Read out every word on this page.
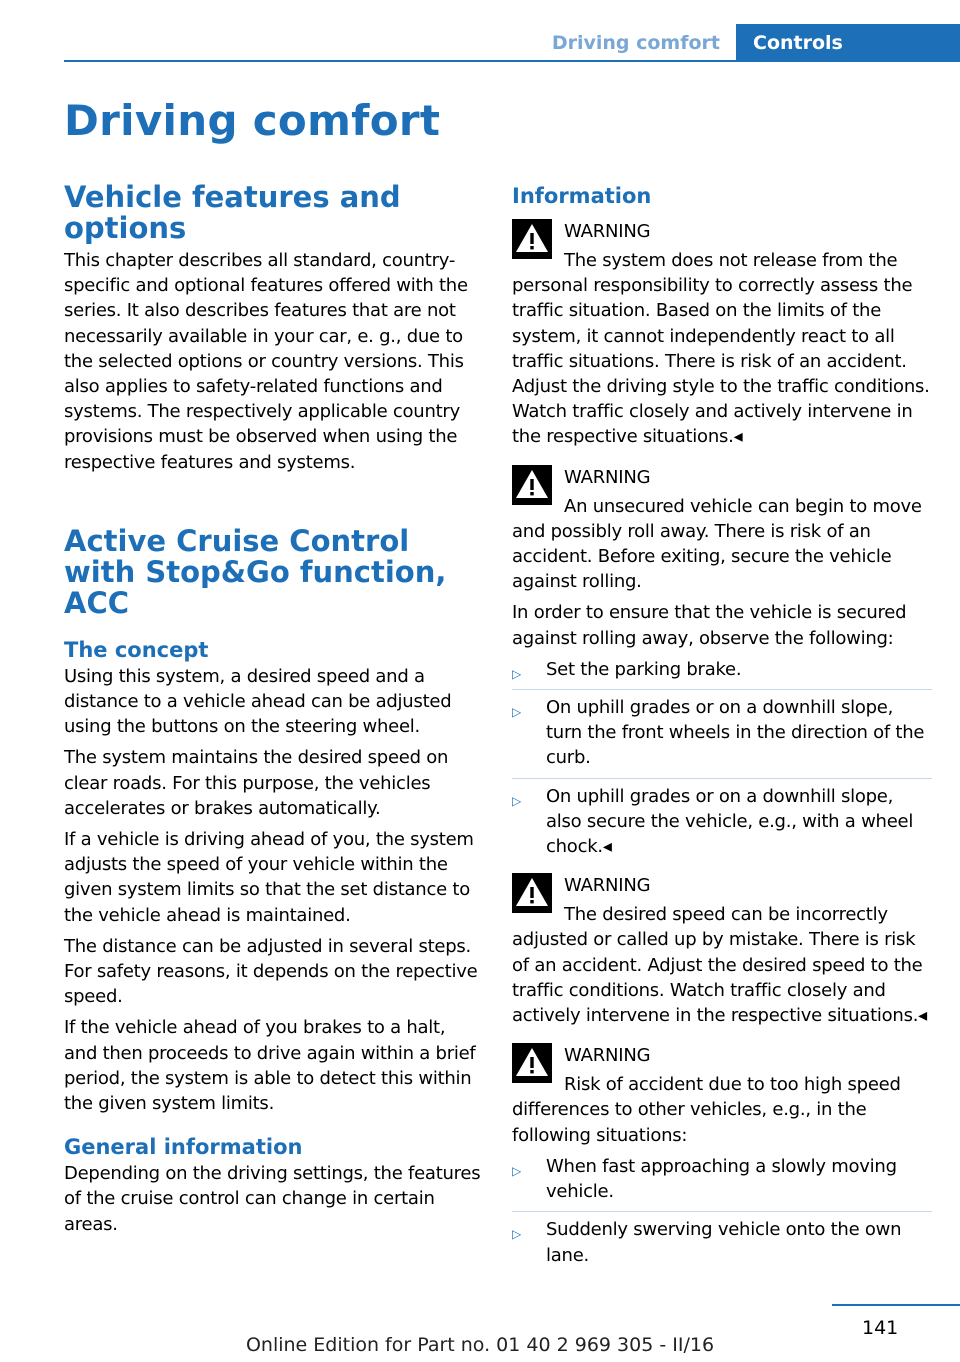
Driving comfort	Controls
Driving comfort
Vehicle features and options

This chapter describes all standard, country-specific and optional features offered with the series. It also describes features that are not necessarily available in your car, e. g., due to the selected options or country versions. This also applies to safety-related functions and systems. The respectively applicable country provisions must be observed when using the respective features and systems.

Active Cruise Control with Stop&Go function, ACC
The concept

Using this system, a desired speed and a distance to a vehicle ahead can be adjusted using the buttons on the steering wheel.

The system maintains the desired speed on clear roads. For this purpose, the vehicles accelerates or brakes automatically.

If a vehicle is driving ahead of you, the system adjusts the speed of your vehicle within the given system limits so that the set distance to the vehicle ahead is maintained.

The distance can be adjusted in several steps. For safety reasons, it depends on the repective speed.

If the vehicle ahead of you brakes to a halt, and then proceeds to drive again within a brief period, the system is able to detect this within the given system limits.

General information

Depending on the driving settings, the features of the cruise control can change in certain areas.

Information
WARNING

The system does not release from the personal responsibility to correctly assess the traffic situation. Based on the limits of the system, it cannot independently react to all traffic situations. There is risk of an accident. Adjust the driving style to the traffic conditions. Watch traffic closely and actively intervene in the respective situations.◂

WARNING

An unsecured vehicle can begin to move and possibly roll away. There is risk of an accident. Before exiting, secure the vehicle against rolling.

In order to ensure that the vehicle is secured against rolling away, observe the following:

▷ Set the parking brake.
▷ On uphill grades or on a downhill slope, turn the front wheels in the direction of the curb.
▷ On uphill grades or on a downhill slope, also secure the vehicle, e.g., with a wheel chock.◂
WARNING

The desired speed can be incorrectly adjusted or called up by mistake. There is risk of an accident. Adjust the desired speed to the traffic conditions. Watch traffic closely and actively intervene in the respective situations.◂

WARNING

Risk of accident due to too high speed differences to other vehicles, e.g., in the following situations:

▷ When fast approaching a slowly moving vehicle.
▷ Suddenly swerving vehicle onto the own lane.
141
Online Edition for Part no. 01 40 2 969 305 - II/16
